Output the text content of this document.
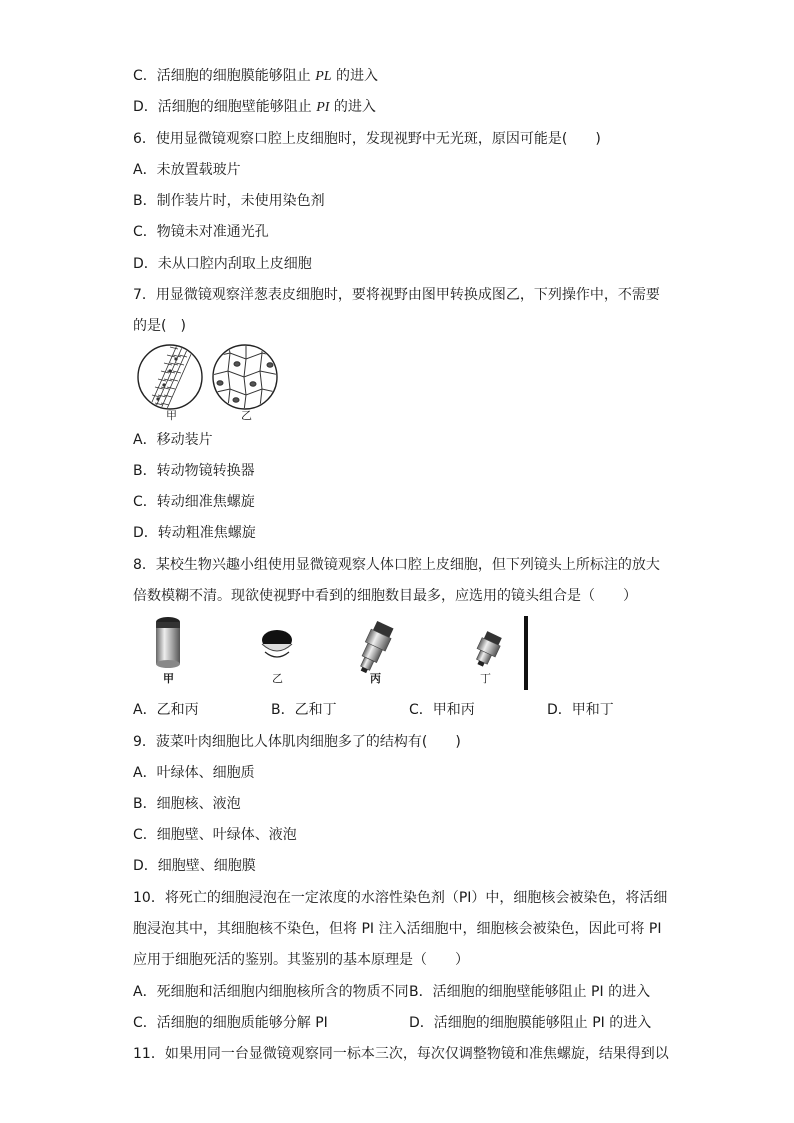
C．活细胞的细胞膜能够阻止 PL 的进入
D．活细胞的细胞壁能够阻止 PI 的进入
6．使用显微镜观察口腔上皮细胞时，发现视野中无光斑，原因可能是(　　)
A．未放置载玻片
B．制作装片时，未使用染色剂
C．物镜未对准通光孔
D．未从口腔内刮取上皮细胞
7．用显微镜观察洋葱表皮细胞时，要将视野由图甲转换成图乙，下列操作中，不需要
的是(　)
甲	乙
A．移动装片
B．转动物镜转换器
C．转动细准焦螺旋
D．转动粗准焦螺旋
8．某校生物兴趣小组使用显微镜观察人体口腔上皮细胞，但下列镜头上所标注的放大
倍数模糊不清。现欲使视野中看到的细胞数目最多，应选用的镜头组合是（　　）
甲	乙	丙	丁
A．乙和丙	B．乙和丁	C．甲和丙	D．甲和丁
9．菠菜叶肉细胞比人体肌肉细胞多了的结构有(　　)
A．叶绿体、细胞质
B．细胞核、液泡
C．细胞壁、叶绿体、液泡
D．细胞壁、细胞膜
10．将死亡的细胞浸泡在一定浓度的水溶性染色剂（PI）中，细胞核会被染色，将活细
胞浸泡其中，其细胞核不染色，但将 PI 注入活细胞中，细胞核会被染色，因此可将 PI
应用于细胞死活的鉴别。其鉴别的基本原理是（　　）
A．死细胞和活细胞内细胞核所含的物质不同 B．活细胞的细胞壁能够阻止 PI 的进入
C．活细胞的细胞质能够分解 PI	D．活细胞的细胞膜能够阻止 PI 的进入
11．如果用同一台显微镜观察同一标本三次，每次仅调整物镜和准焦螺旋，结果得到以
